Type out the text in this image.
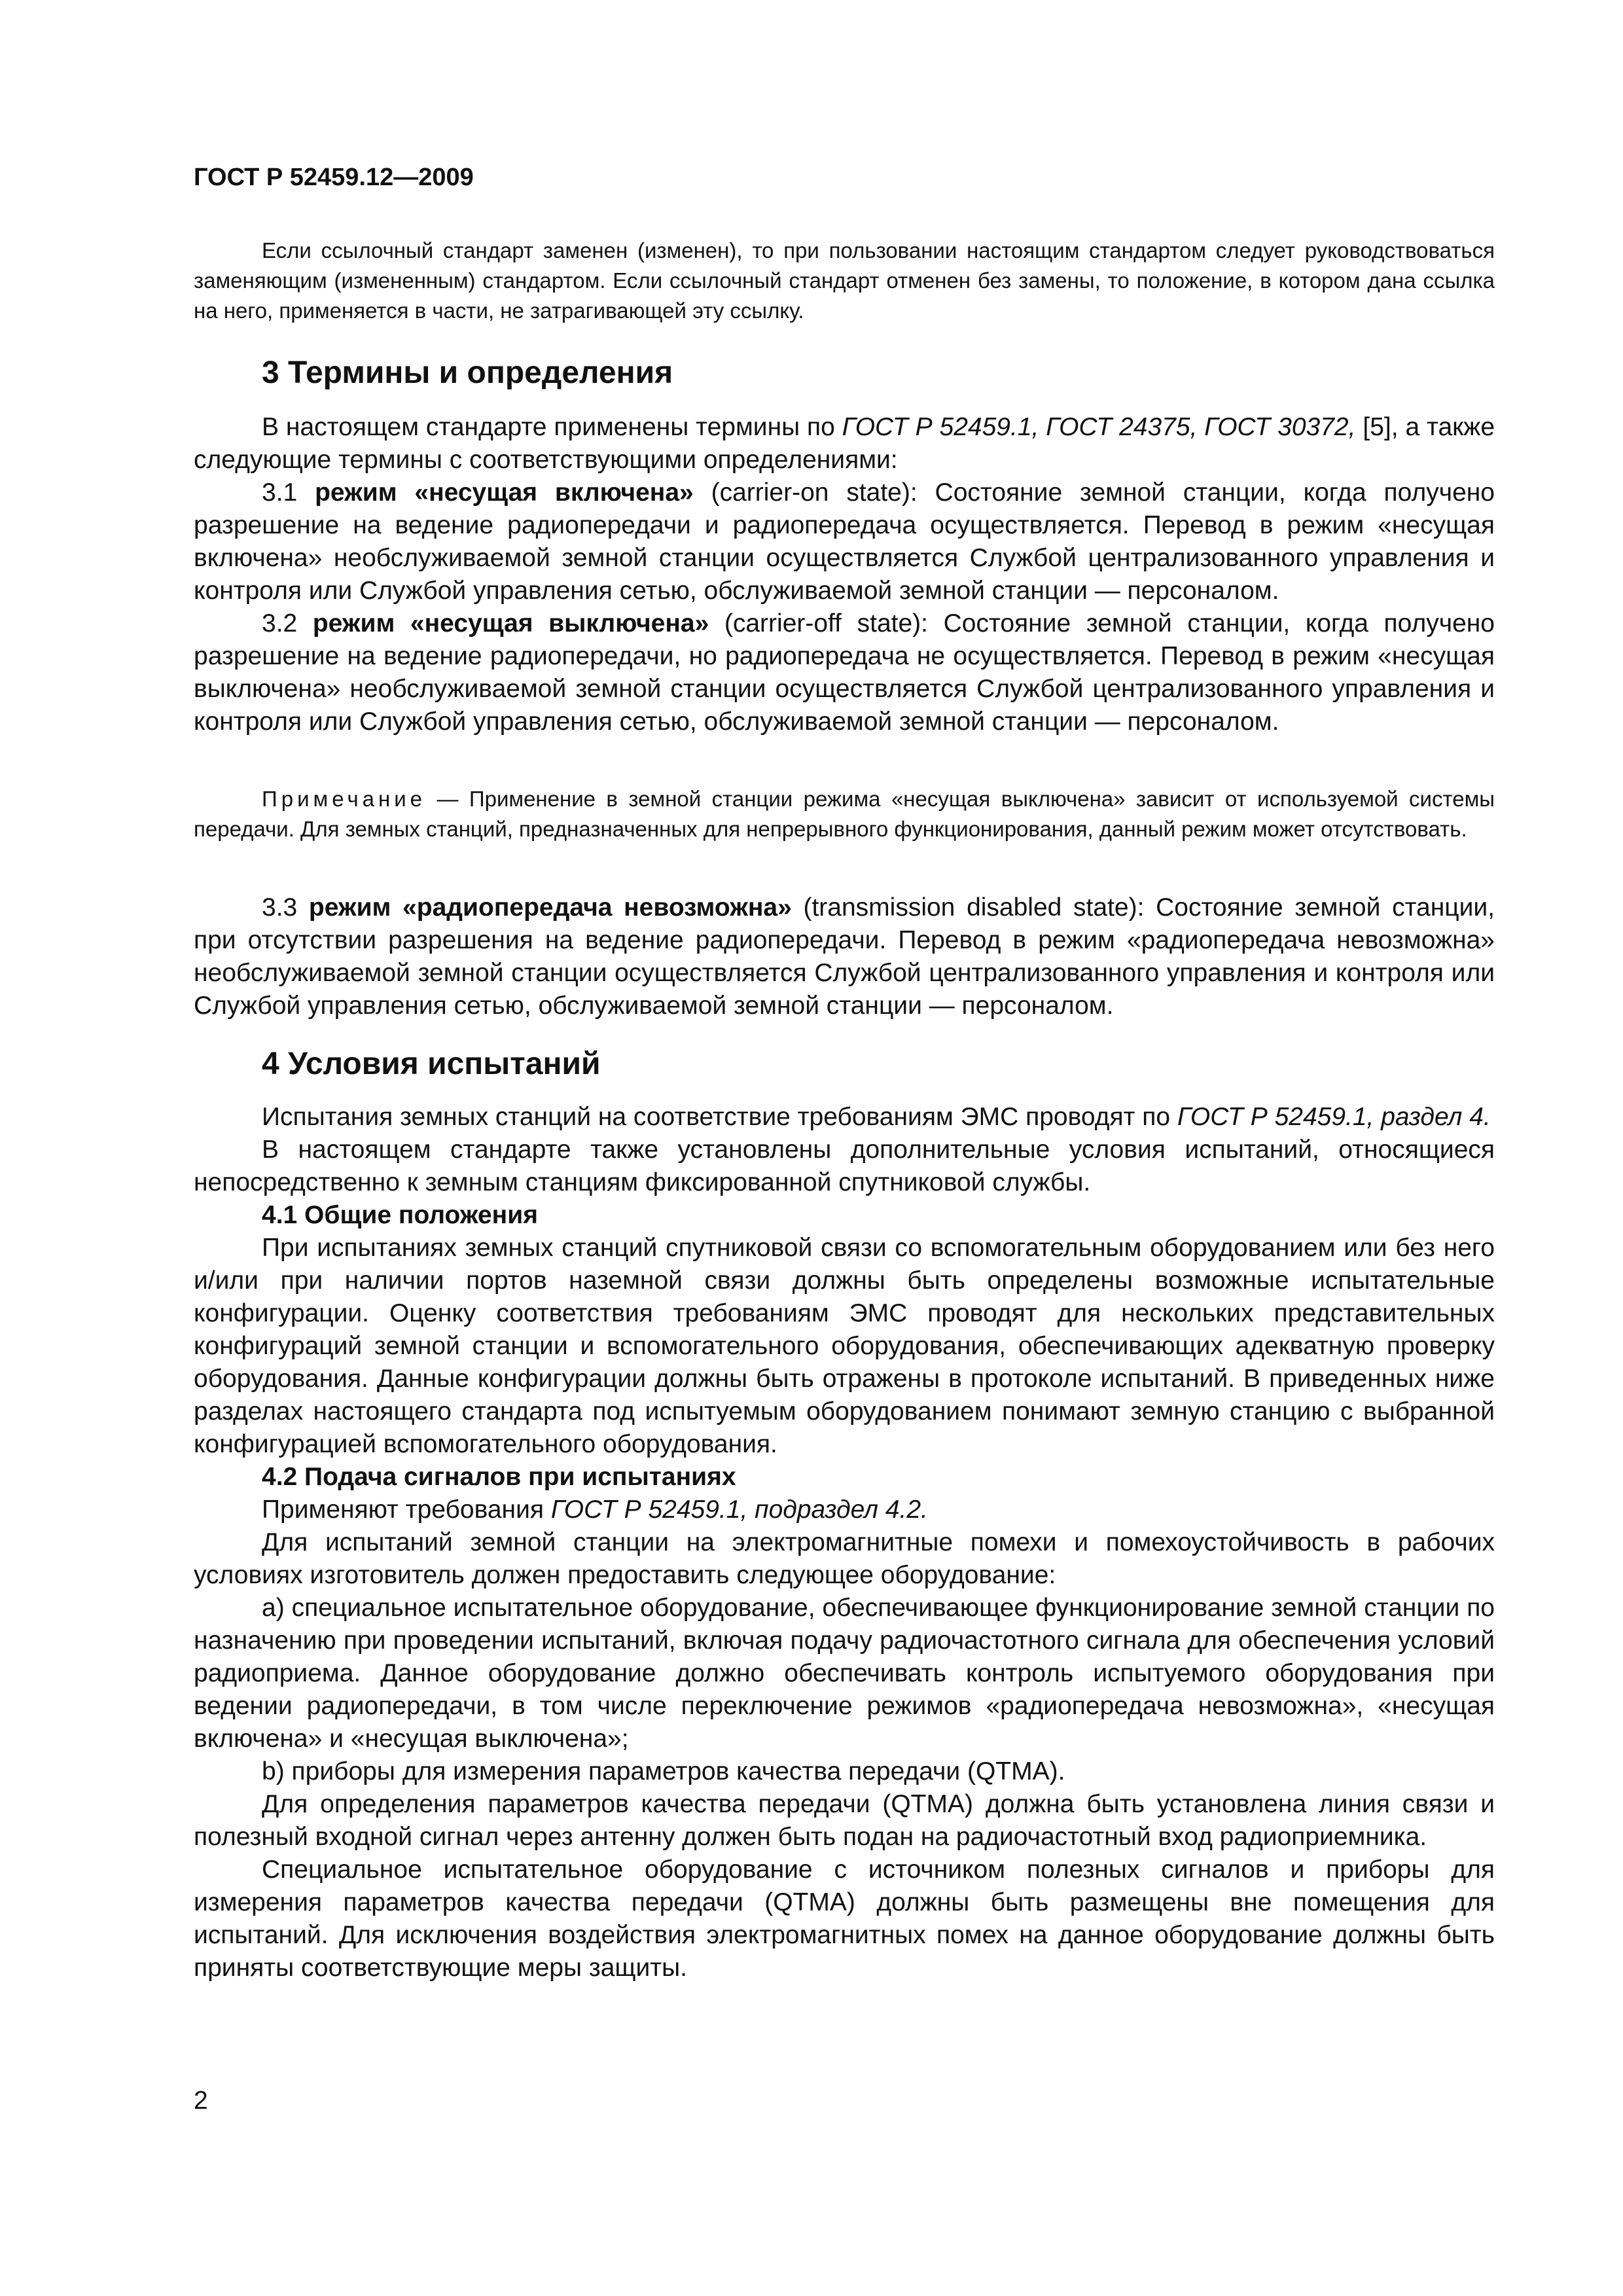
ГОСТ Р 52459.12—2009

Если ссылочный стандарт заменен (изменен), то при пользовании настоящим стандартом следует руководствоваться заменяющим (измененным) стандартом. Если ссылочный стандарт отменен без замены, то положение, в котором дана ссылка на него, применяется в части, не затрагивающей эту ссылку.

3 Термины и определения

В настоящем стандарте применены термины по ГОСТ Р 52459.1, ГОСТ 24375, ГОСТ 30372, [5], а также следующие термины с соответствующими определениями:

3.1 режим «несущая включена» (carrier-on state): Состояние земной станции, когда получено разрешение на ведение радиопередачи и радиопередача осуществляется. Перевод в режим «несущая включена» необслуживаемой земной станции осуществляется Службой централизованного управления и контроля или Службой управления сетью, обслуживаемой земной станции — персоналом.

3.2 режим «несущая выключена» (carrier-off state): Состояние земной станции, когда получено разрешение на ведение радиопередачи, но радиопередача не осуществляется. Перевод в режим «несущая выключена» необслуживаемой земной станции осуществляется Службой централизованного управления и контроля или Службой управления сетью, обслуживаемой земной станции — персоналом.

Примечание — Применение в земной станции режима «несущая выключена» зависит от используемой системы передачи. Для земных станций, предназначенных для непрерывного функционирования, данный режим может отсутствовать.

3.3 режим «радиопередача невозможна» (transmission disabled state): Состояние земной станции, при отсутствии разрешения на ведение радиопередачи. Перевод в режим «радиопередача невозможна» необслуживаемой земной станции осуществляется Службой централизованного управления и контроля или Службой управления сетью, обслуживаемой земной станции — персоналом.

4 Условия испытаний

Испытания земных станций на соответствие требованиям ЭМС проводят по ГОСТ Р 52459.1, раздел 4.

В настоящем стандарте также установлены дополнительные условия испытаний, относящиеся непосредственно к земным станциям фиксированной спутниковой службы.

4.1 Общие положения

При испытаниях земных станций спутниковой связи со вспомогательным оборудованием или без него и/или при наличии портов наземной связи должны быть определены возможные испытательные конфигурации. Оценку соответствия требованиям ЭМС проводят для нескольких представительных конфигураций земной станции и вспомогательного оборудования, обеспечивающих адекватную проверку оборудования. Данные конфигурации должны быть отражены в протоколе испытаний. В приведенных ниже разделах настоящего стандарта под испытуемым оборудованием понимают земную станцию с выбранной конфигурацией вспомогательного оборудования.

4.2 Подача сигналов при испытаниях

Применяют требования ГОСТ Р 52459.1, подраздел 4.2.

Для испытаний земной станции на электромагнитные помехи и помехоустойчивость в рабочих условиях изготовитель должен предоставить следующее оборудование:

а) специальное испытательное оборудование, обеспечивающее функционирование земной станции по назначению при проведении испытаний, включая подачу радиочастотного сигнала для обеспечения условий радиоприема. Данное оборудование должно обеспечивать контроль испытуемого оборудования при ведении радиопередачи, в том числе переключение режимов «радиопередача невозможна», «несущая включена» и «несущая выключена»;

b) приборы для измерения параметров качества передачи (QTMA).

Для определения параметров качества передачи (QTMA) должна быть установлена линия связи и полезный входной сигнал через антенну должен быть подан на радиочастотный вход радиоприемника.

Специальное испытательное оборудование с источником полезных сигналов и приборы для измерения параметров качества передачи (QTMA) должны быть размещены вне помещения для испытаний. Для исключения воздействия электромагнитных помех на данное оборудование должны быть приняты соответствующие меры защиты.

2
